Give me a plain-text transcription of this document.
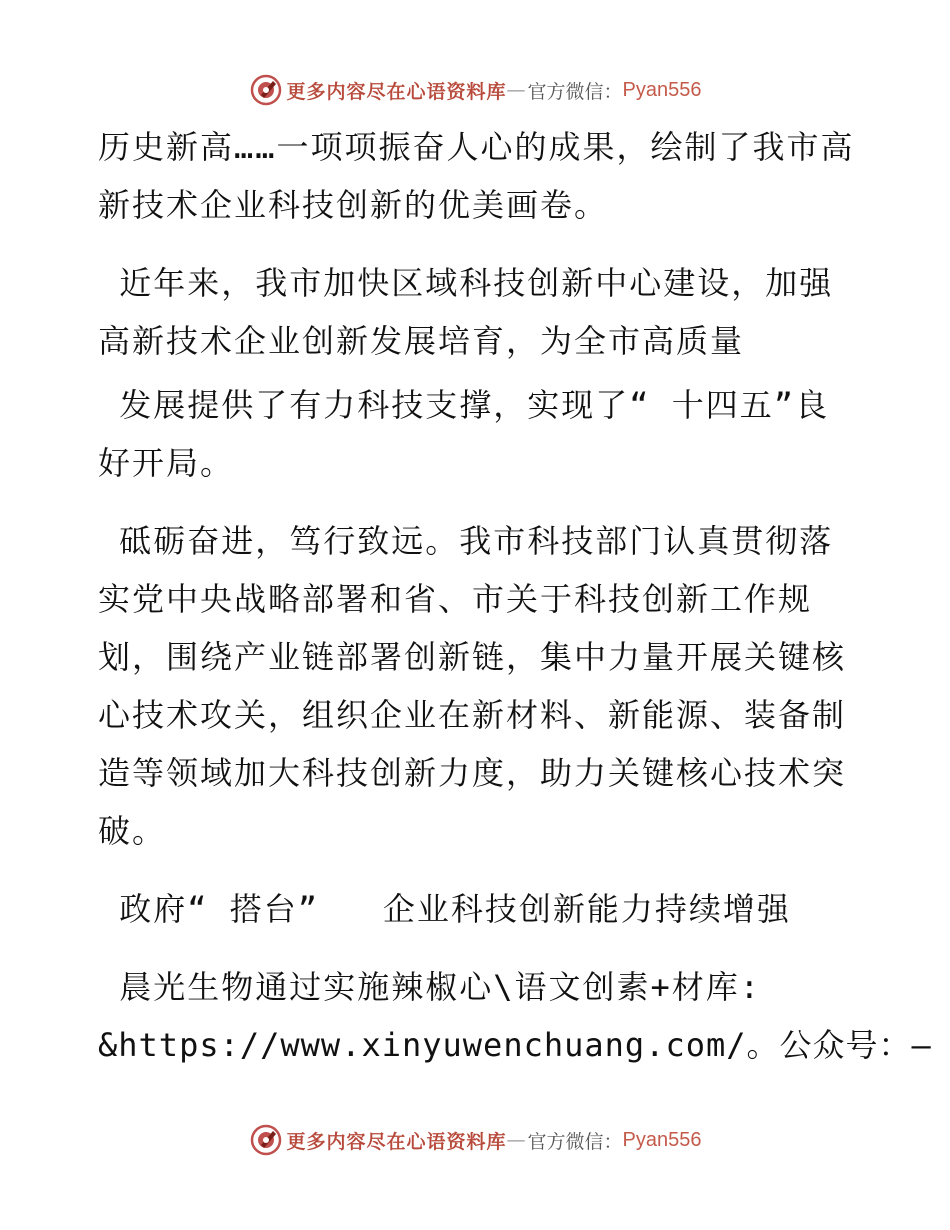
更多内容尽在心语资料库 — 官方微信： Pyan556

历史新高……一项项振奋人心的成果，绘制了我市高新技术企业科技创新的优美画卷。

近年来，我市加快区域科技创新中心建设，加强高新技术企业创新发展培育，为全市高质量

发展提供了有力科技支撑，实现了“ 十四五”良好开局。

砥砺奋进，笃行致远。我市科技部门认真贯彻落实党中央战略部署和省、市关于科技创新工作规划，围绕产业链部署创新链，集中力量开展关键核心技术攻关，组织企业在新材料、新能源、装备制造等领域加大科技创新力度，助力关键核心技术突破。

政府“ 搭台”   企业科技创新能力持续增强

晨光生物通过实施辣椒心\语文创素+材库:

&https://www.xinyuwenchuang.com/。公众号：—

更多内容尽在心语资料库 — 官方微信： Pyan556
